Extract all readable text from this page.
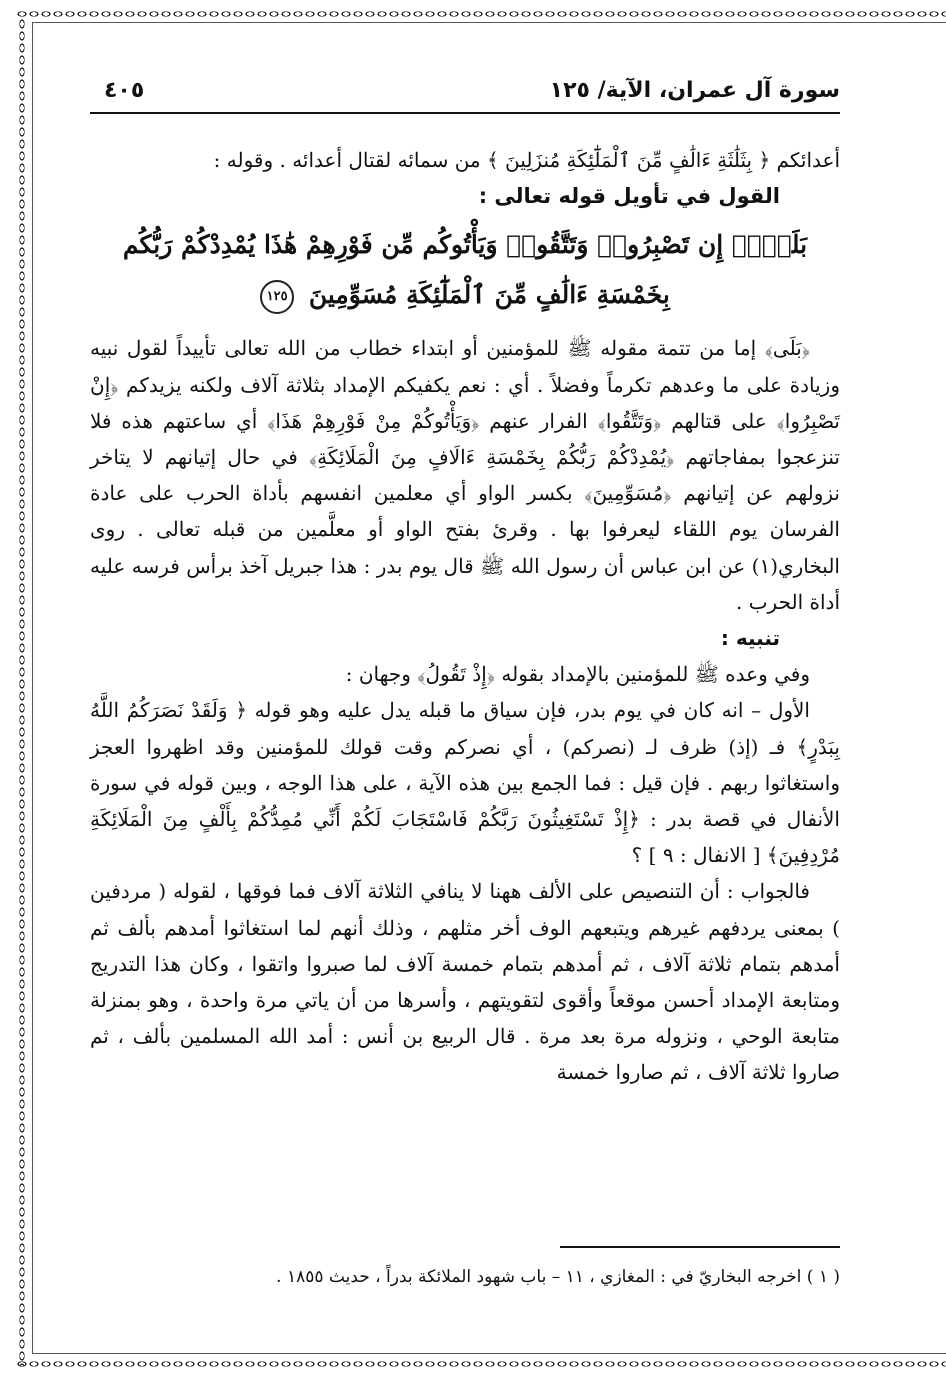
سورة آل عمران، الآية/ ١٢٥
٤٠٥

أعدائكم ﴿ بِثَلَٰثَةِ ءَالَٰفٍ مِّنَ ٱلْمَلَٰٓئِكَةِ مُنزَلِينَ ﴾ من سمائه لقتال أعدائه . وقوله :

القول في تأويل قوله تعالى :

بَلَىٰٓۚ إِن تَصْبِرُوا۟ وَتَتَّقُوا۟ وَيَأْتُوكُم مِّن فَوْرِهِمْ هَٰذَا يُمْدِدْكُمْ رَبُّكُم بِخَمْسَةِ ءَالَٰفٍ مِّنَ ٱلْمَلَٰٓئِكَةِ مُسَوِّمِينَ ١٢٥

﴿بَلَى﴾ إما من تتمة مقوله ﷺ للمؤمنين أو ابتداء خطاب من الله تعالى تأييداً لقول نبيه وزيادة على ما وعدهم تكرماً وفضلاً . أي : نعم يكفيكم الإمداد بثلاثة آلاف ولكنه يزيدكم ﴿إِنْ تَصْبِرُوا﴾ على قتالهم ﴿وَتَتَّقُوا﴾ الفرار عنهم ﴿وَيَأْتُوكُمْ مِنْ فَوْرِهِمْ هَذَا﴾ أي ساعتهم هذه فلا تنزعجوا بمفاجاتهم ﴿يُمْدِدْكُمْ رَبُّكُمْ بِخَمْسَةِ ءَالَافٍ مِنَ الْمَلَائِكَةِ﴾ في حال إتيانهم لا يتاخر نزولهم عن إتيانهم ﴿مُسَوِّمِينَ﴾ بكسر الواو أي معلمين انفسهم بأداة الحرب على عادة الفرسان يوم اللقاء ليعرفوا بها . وقرئ بفتح الواو أو معلَّمين من قبله تعالى . روى البخاري(١) عن ابن عباس أن رسول الله ﷺ قال يوم بدر : هذا جبريل آخذ برأس فرسه عليه أداة الحرب .

تنبيه :

وفي وعده ﷺ للمؤمنين بالإمداد بقوله ﴿إِذْ تَقُولُ﴾ وجهان :

الأول – انه كان في يوم بدر، فإن سياق ما قبله يدل عليه وهو قوله ﴿ وَلَقَدْ نَصَرَكُمُ اللَّهُ بِبَدْرٍ﴾ فـ (إذ) ظرف لـ (نصركم) ، أي نصركم وقت قولك للمؤمنين وقد اظهروا العجز واستغاثوا ربهم . فإن قيل : فما الجمع بين هذه الآية ، على هذا الوجه ، وبين قوله في سورة الأنفال في قصة بدر : ﴿إِذْ تَسْتَغِيثُونَ رَبَّكُمْ فَاسْتَجَابَ لَكُمْ أَنِّي مُمِدُّكُمْ بِأَلْفٍ مِنَ الْمَلَائِكَةِ مُرْدِفِينَ﴾ [ الانفال : ٩ ] ؟

فالجواب : أن التنصيص على الألف ههنا لا ينافي الثلاثة آلاف فما فوقها ، لقوله ( مردفين ) بمعنى يردفهم غيرهم ويتبعهم الوف أخر مثلهم ، وذلك أنهم لما استغاثوا أمدهم بألف ثم أمدهم بتمام ثلاثة آلاف ، ثم أمدهم بتمام خمسة آلاف لما صبروا واتقوا ، وكان هذا التدريج ومتابعة الإمداد أحسن موقعاً وأقوى لتقويتهم ، وأسرها من أن ياتي مرة واحدة ، وهو بمنزلة متابعة الوحي ، ونزوله مرة بعد مرة . قال الربيع بن أنس : أمد الله المسلمين بألف ، ثم صاروا ثلاثة آلاف ، ثم صاروا خمسة

( ١ ) اخرجه البخاريّ في : المغازي ، ١١ – باب شهود الملائكة بدراً ، حديث ١٨٥٥ .
